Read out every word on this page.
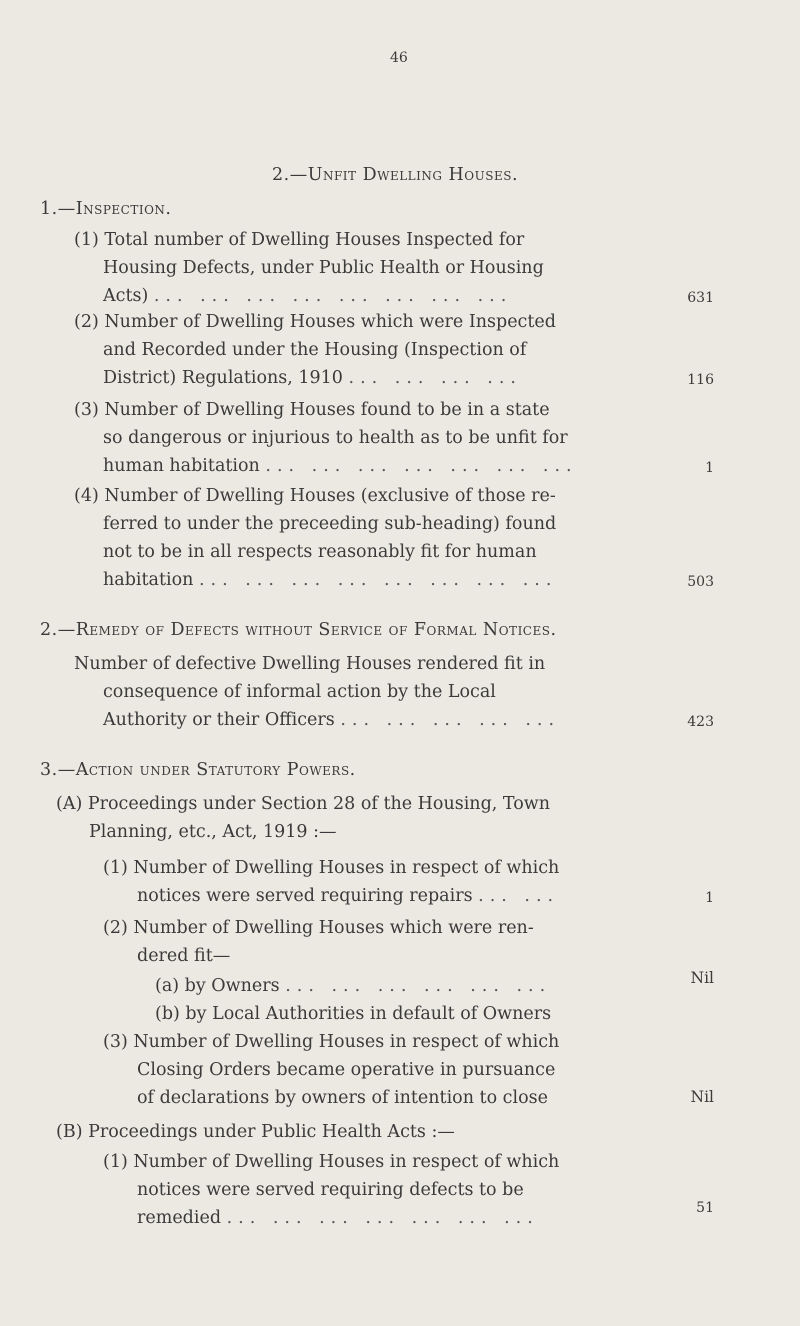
46
2.—Unfit Dwelling Houses.
1.—Inspection.
(1) Total number of Dwelling Houses Inspected for
Housing Defects, under Public Health or Housing
Acts) ... ... ... ... ... ... ... ...	631
(2) Number of Dwelling Houses which were Inspected
and Recorded under the Housing (Inspection of
District) Regulations, 1910 ... ... ... ...	116
(3) Number of Dwelling Houses found to be in a state
so dangerous or injurious to health as to be unfit for
human habitation ... ... ... ... ... ... ...	1
(4) Number of Dwelling Houses (exclusive of those re-
ferred to under the preceeding sub-heading) found
not to be in all respects reasonably fit for human
habitation ... ... ... ... ... ... ... ...	503
2.—Remedy of Defects without Service of Formal Notices.
Number of defective Dwelling Houses rendered fit in
consequence of informal action by the Local
Authority or their Officers ... ... ... ... ...	423
3.—Action under Statutory Powers.
(A) Proceedings under Section 28 of the Housing, Town
Planning, etc., Act, 1919 :—
(1) Number of Dwelling Houses in respect of which
notices were served requiring repairs ... ...	1
(2) Number of Dwelling Houses which were ren-
dered fit—
(a) by Owners ... ... ... ... ... ...	Nil
(b) by Local Authorities in default of Owners
(3) Number of Dwelling Houses in respect of which
Closing Orders became operative in pursuance
of declarations by owners of intention to close	Nil
(B) Proceedings under Public Health Acts :—
(1) Number of Dwelling Houses in respect of which
notices were served requiring defects to be
remedied ... ... ... ... ... ... ...	51
